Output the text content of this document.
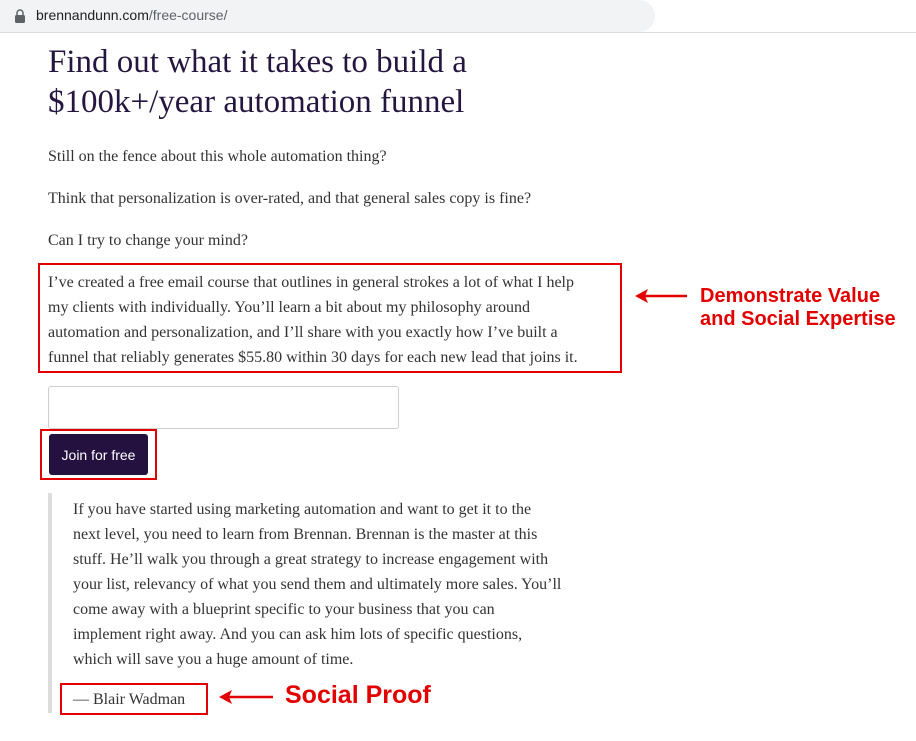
brennandunn.com/free-course/
Find out what it takes to build a
$100k+/year automation funnel

Still on the fence about this whole automation thing?

Think that personalization is over-rated, and that general sales copy is fine?

Can I try to change your mind?

I’ve created a free email course that outlines in general strokes a lot of what I help
my clients with individually. You’ll learn a bit about my philosophy around
automation and personalization, and I’ll share with you exactly how I’ve built a
funnel that reliably generates $55.80 within 30 days for each new lead that joins it.

Join for free
If you have started using marketing automation and want to get it to the
next level, you need to learn from Brennan. Brennan is the master at this
stuff. He’ll walk you through a great strategy to increase engagement with
your list, relevancy of what you send them and ultimately more sales. You’ll
come away with a blueprint specific to your business that you can
implement right away. And you can ask him lots of specific questions,
which will save you a huge amount of time.

— Blair Wadman

Demonstrate Value
and Social Expertise
Social Proof
